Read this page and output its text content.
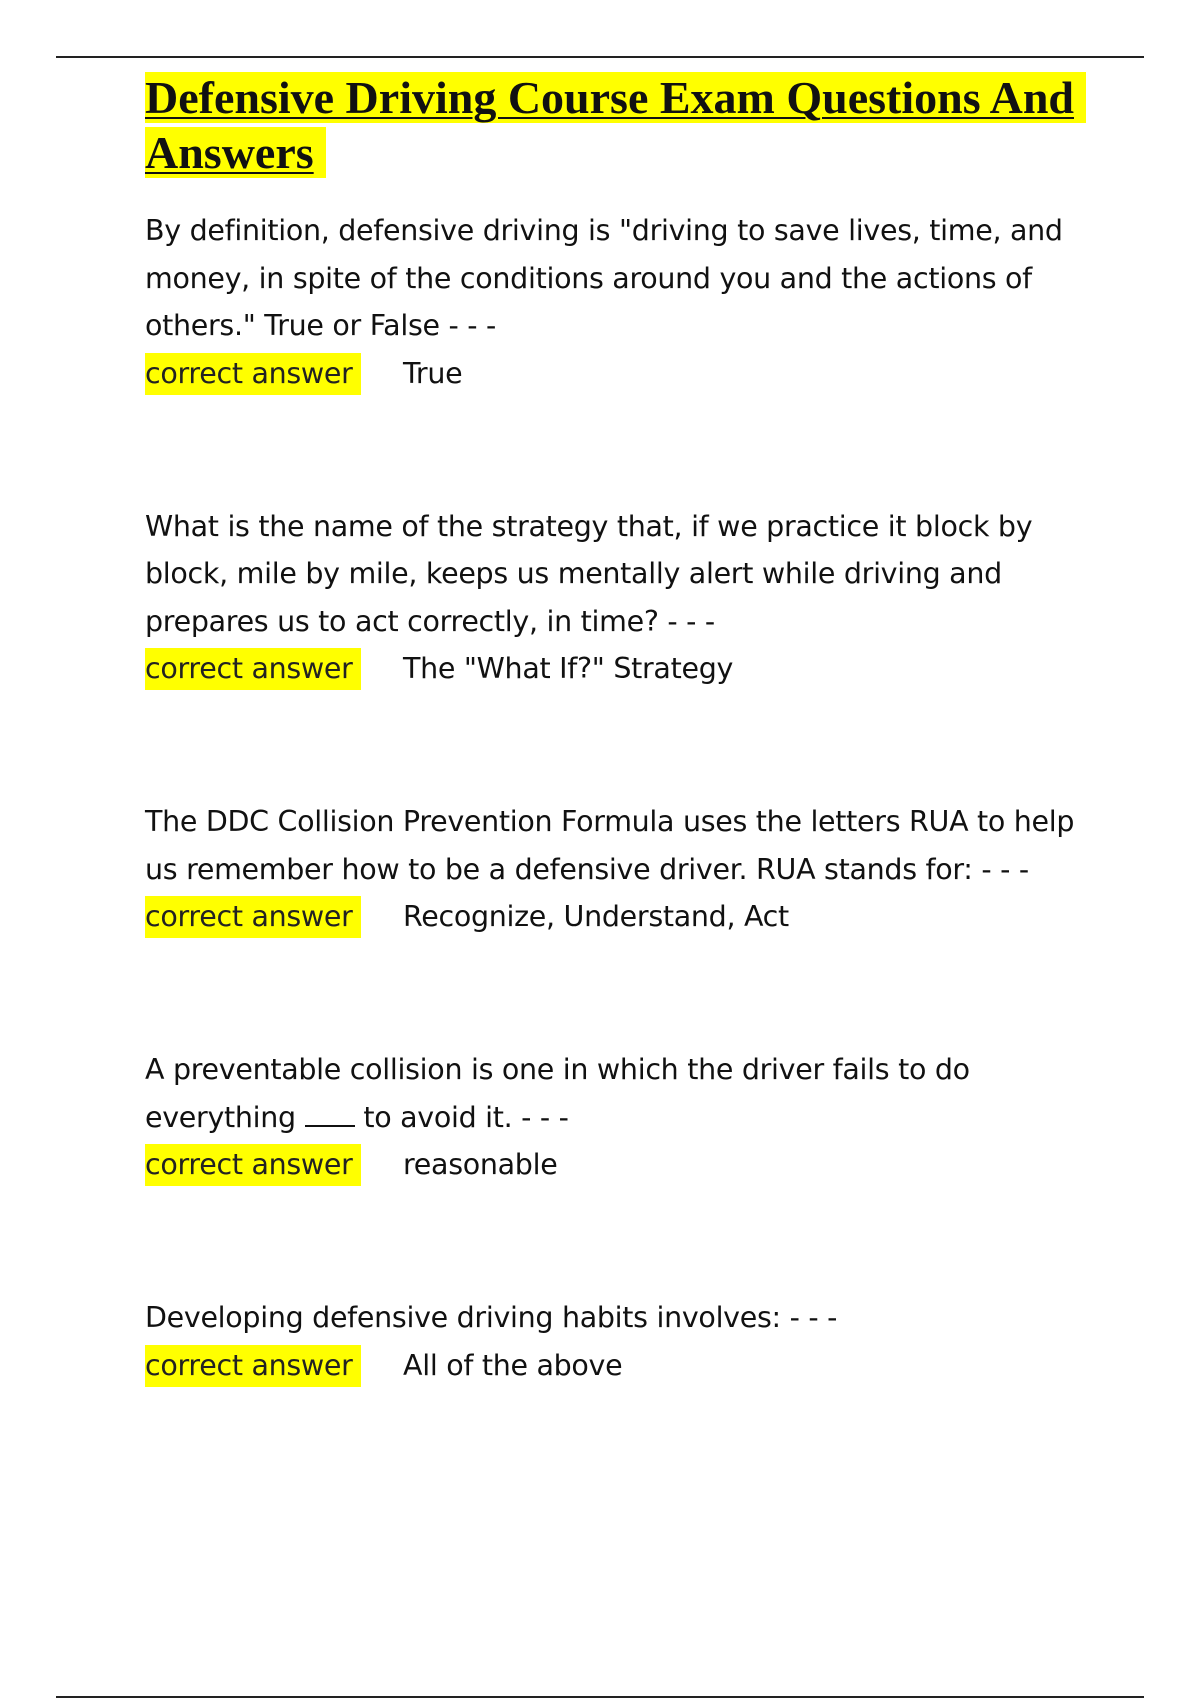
Defensive Driving Course Exam Questions And Answers

By definition, defensive driving is "driving to save lives, time, and money, in spite of the conditions around you and the actions of others." True or False - - -

correct answer True

What is the name of the strategy that, if we practice it block by block, mile by mile, keeps us mentally alert while driving and prepares us to act correctly, in time? - - -

correct answer The "What If?" Strategy

The DDC Collision Prevention Formula uses the letters RUA to help us remember how to be a defensive driver. RUA stands for: - - -

correct answer Recognize, Understand, Act

A preventable collision is one in which the driver fails to do everything to avoid it. - - -

correct answer reasonable

Developing defensive driving habits involves: - - -

correct answer All of the above
